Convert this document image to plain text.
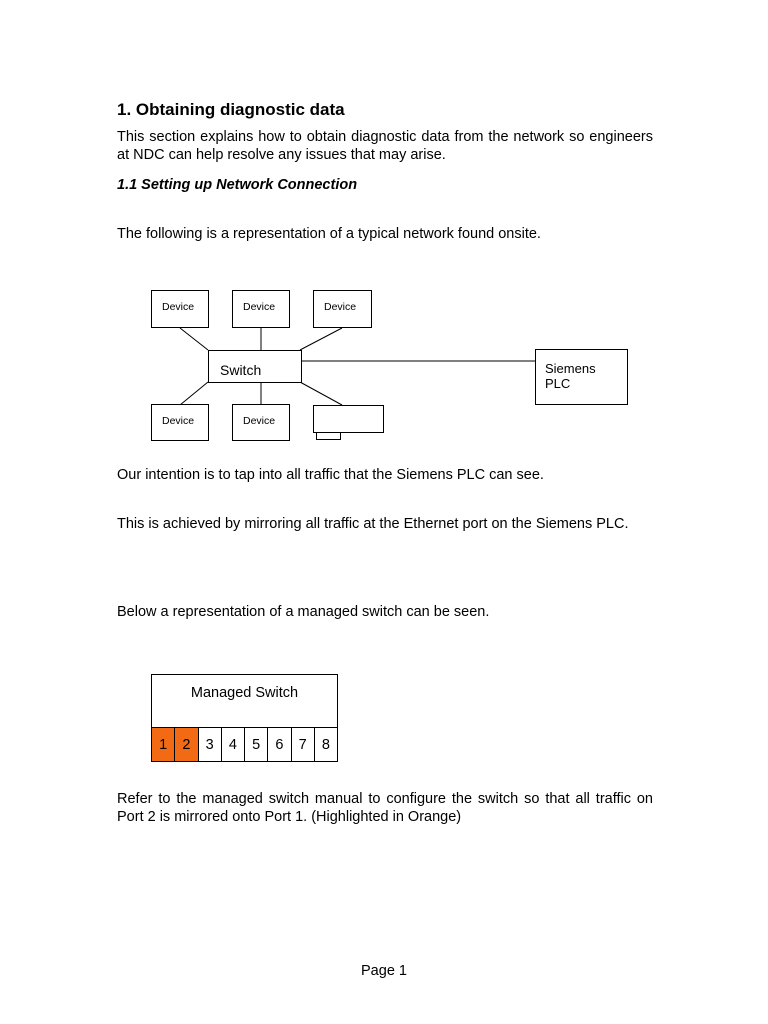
1. Obtaining diagnostic data

This section explains how to obtain diagnostic data from the network so engineers at NDC can help resolve any issues that may arise.

1.1 Setting up Network Connection

The following is a representation of a typical network found onsite.

Device	Device	Device
Switch	Siemens
PLC
Device	Device

Our intention is to tap into all traffic that the Siemens PLC can see.

This is achieved by mirroring all traffic at the Ethernet port on the Siemens PLC.

Below a representation of a managed switch can be seen.

Managed Switch
1	2	3	4	5	6	7	8

Refer to the managed switch manual to configure the switch so that all traffic on Port 2 is mirrored onto Port 1. (Highlighted in Orange)

Page 1
